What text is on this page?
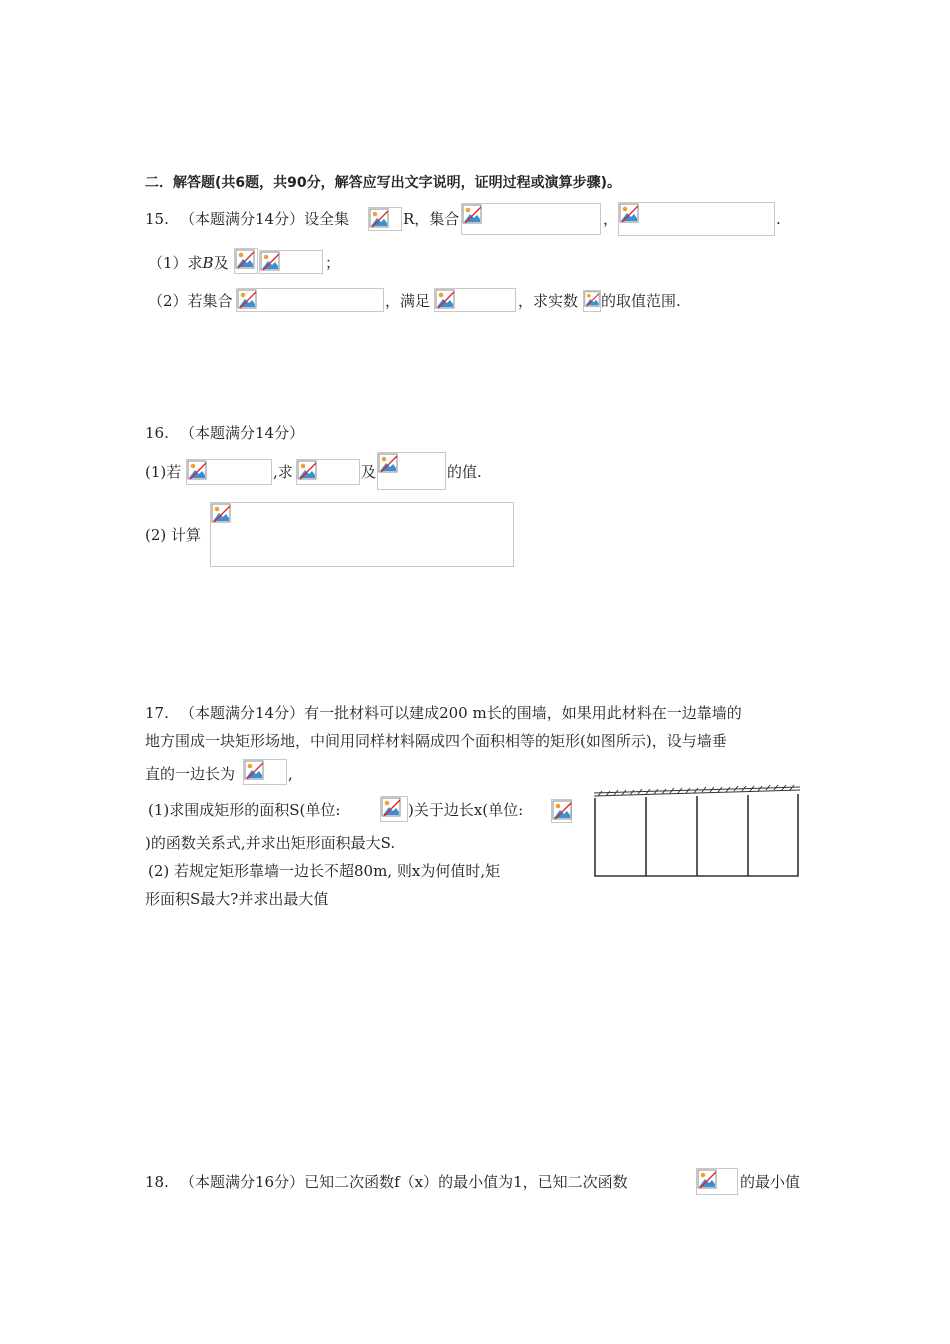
二．解答题(共6题，共90分，解答应写出文字说明，证明过程或演算步骤)。
15. （本题满分14分）设全集	R，集合	，	.
（1）求B及	；
（2）若集合	，满足	，求实数 的取值范围.
16. （本题满分14分）
(1)若	,求	及	的值.
(2) 计算
17. （本题满分14分）有一批材料可以建成200 m长的围墙，如果用此材料在一边靠墙的
地方围成一块矩形场地，中间用同样材料隔成四个面积相等的矩形(如图所示)，设与墙垂
直的一边长为	,
(1)求围成矩形的面积S(单位:	)关于边长x(单位:
)的函数关系式,并求出矩形面积最大S.
(2) 若规定矩形靠墙一边长不超80m, 则x为何值时,矩
形面积S最大?并求出最大值
18. （本题满分16分）已知二次函数f（x）的最小值为1，已知二次函数	的最小值
